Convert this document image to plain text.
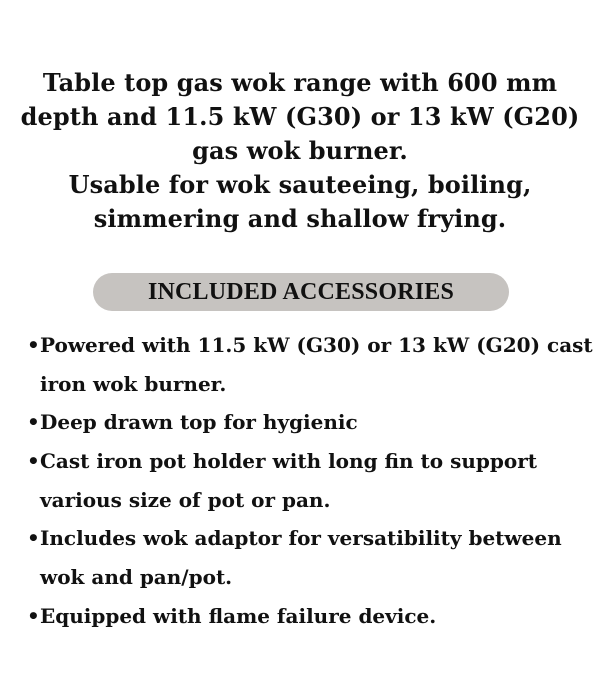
Table top gas wok range with 600 mm
depth and 11.5 kW (G30) or 13 kW (G20)
gas wok burner.
Usable for wok sauteeing, boiling,
simmering and shallow frying.
INCLUDED ACCESSORIES
• Powered with 11.5 kW (G30) or 13 kW (G20) cast
iron wok burner.
• Deep drawn top for hygienic
• Cast iron pot holder with long fin to support
various size of pot or pan.
• Includes wok adaptor for versatibility between
wok and pan/pot.
• Equipped with flame failure device.
